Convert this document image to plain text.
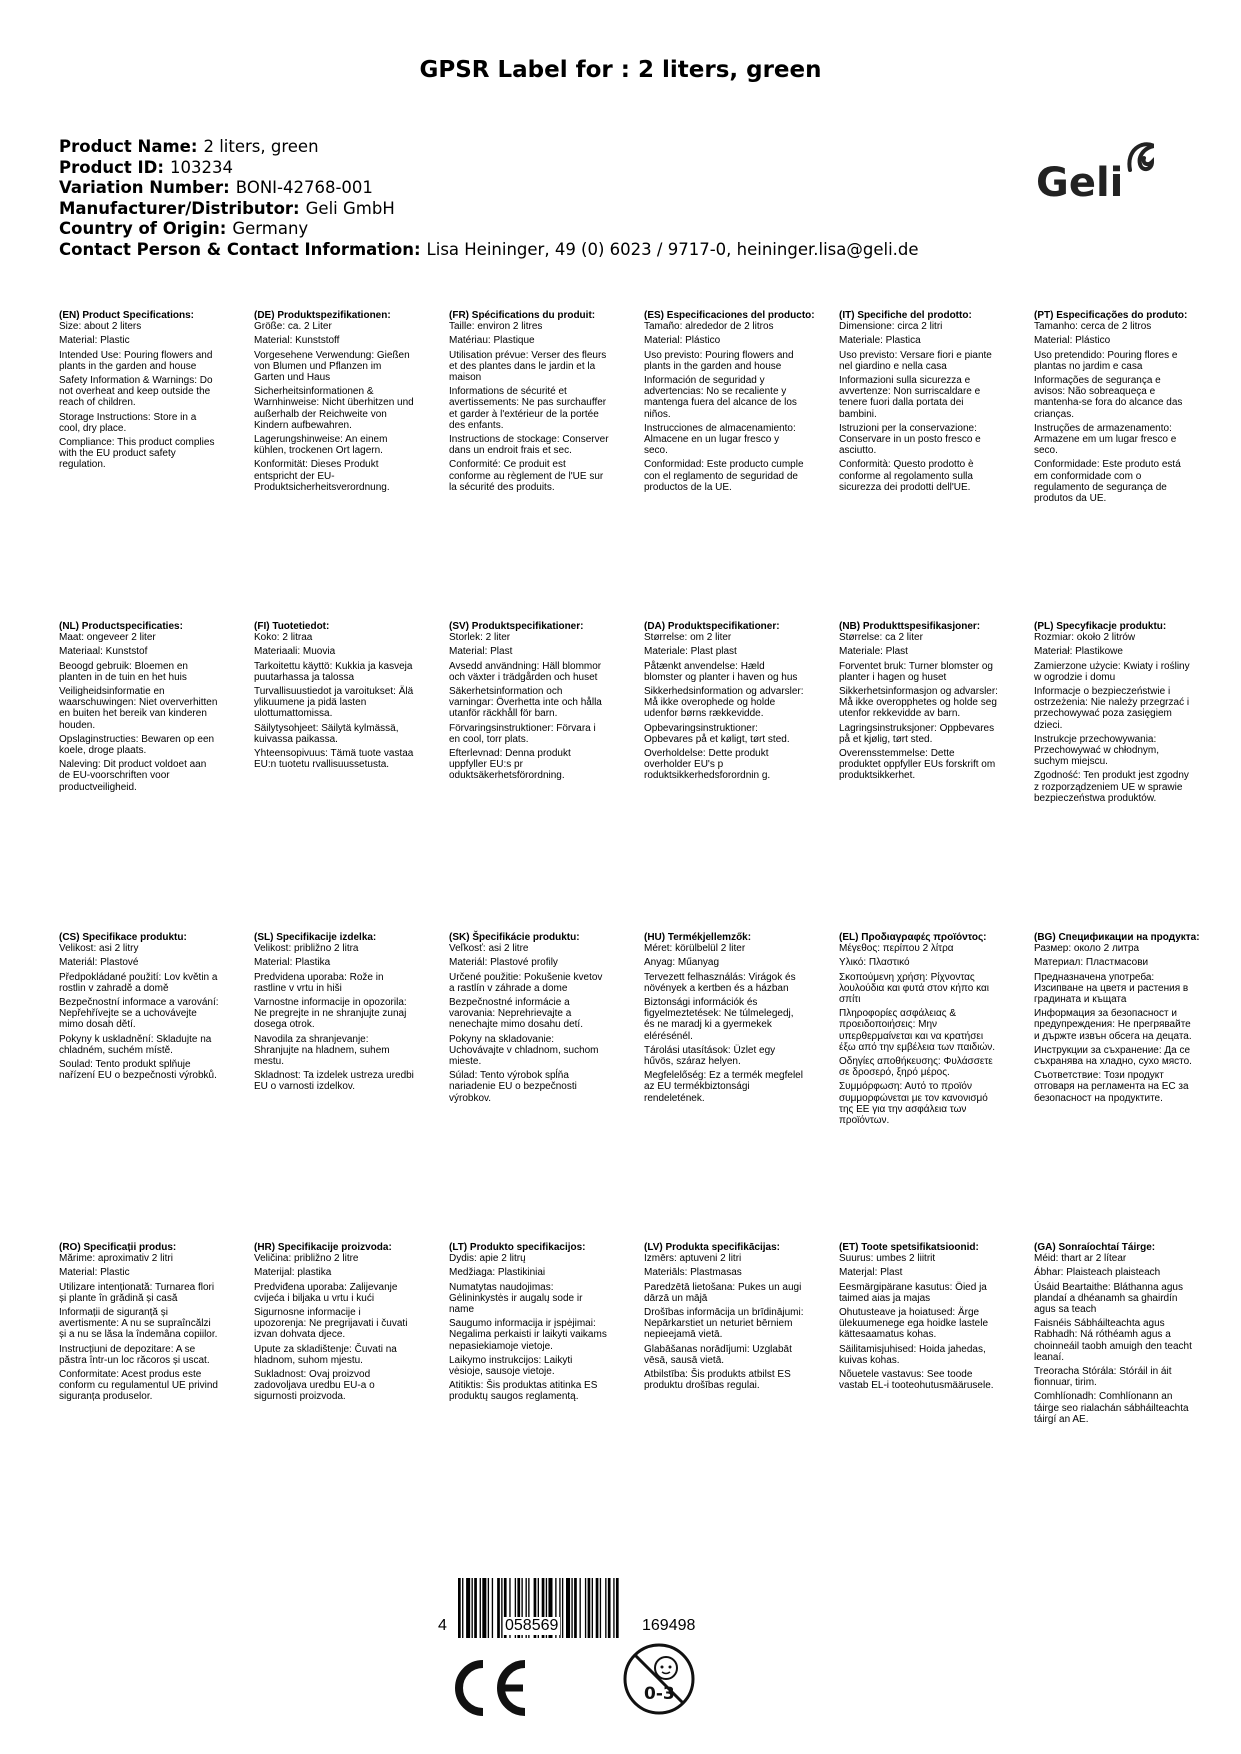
GPSR Label for : 2 liters, green
Product Name: 2 liters, green
Product ID: 103234
Variation Number: BONI-42768-001
Manufacturer/Distributor: Geli GmbH
Country of Origin: Germany
Contact Person & Contact Information: Lisa Heininger, 49 (0) 6023 / 9717-0, heininger.lisa@geli.de
Geli
(EN) Product Specifications:
Size: about 2 liters
Material: Plastic
Intended Use: Pouring flowers and plants in the garden and house
Safety Information & Warnings: Do not overheat and keep outside the reach of children.
Storage Instructions: Store in a cool, dry place.
Compliance: This product complies with the EU product safety regulation.
(DE) Produktspezifikationen:
Größe: ca. 2 Liter
Material: Kunststoff
Vorgesehene Verwendung: Gießen von Blumen und Pflanzen im Garten und Haus
Sicherheitsinformationen & Warnhinweise: Nicht überhitzen und außerhalb der Reichweite von Kindern aufbewahren.
Lagerungshinweise: An einem kühlen, trockenen Ort lagern.
Konformität: Dieses Produkt entspricht der EU-Produktsicherheitsverordnung.
(FR) Spécifications du produit:
Taille: environ 2 litres
Matériau: Plastique
Utilisation prévue: Verser des fleurs et des plantes dans le jardin et la maison
Informations de sécurité et avertissements: Ne pas surchauffer et garder à l'extérieur de la portée des enfants.
Instructions de stockage: Conserver dans un endroit frais et sec.
Conformité: Ce produit est conforme au règlement de l'UE sur la sécurité des produits.
(ES) Especificaciones del producto:
Tamaño: alrededor de 2 litros
Material: Plástico
Uso previsto: Pouring flowers and plants in the garden and house
Información de seguridad y advertencias: No se recaliente y mantenga fuera del alcance de los niños.
Instrucciones de almacenamiento: Almacene en un lugar fresco y seco.
Conformidad: Este producto cumple con el reglamento de seguridad de productos de la UE.
(IT) Specifiche del prodotto:
Dimensione: circa 2 litri
Materiale: Plastica
Uso previsto: Versare fiori e piante nel giardino e nella casa
Informazioni sulla sicurezza e avvertenze: Non surriscaldare e tenere fuori dalla portata dei bambini.
Istruzioni per la conservazione: Conservare in un posto fresco e asciutto.
Conformità: Questo prodotto è conforme al regolamento sulla sicurezza dei prodotti dell'UE.
(PT) Especificações do produto:
Tamanho: cerca de 2 litros
Material: Plástico
Uso pretendido: Pouring flores e plantas no jardim e casa
Informações de segurança e avisos: Não sobreaqueça e mantenha-se fora do alcance das crianças.
Instruções de armazenamento: Armazene em um lugar fresco e seco.
Conformidade: Este produto está em conformidade com o regulamento de segurança de produtos da UE.
(NL) Productspecificaties:
Maat: ongeveer 2 liter
Materiaal: Kunststof
Beoogd gebruik: Bloemen en planten in de tuin en het huis
Veiligheidsinformatie en waarschuwingen: Niet oververhitten en buiten het bereik van kinderen houden.
Opslaginstructies: Bewaren op een koele, droge plaats.
Naleving: Dit product voldoet aan de EU-voorschriften voor productveiligheid.
(FI) Tuotetiedot:
Koko: 2 litraa
Materiaali: Muovia
Tarkoitettu käyttö: Kukkia ja kasveja puutarhassa ja talossa
Turvallisuustiedot ja varoitukset: Älä ylikuumene ja pidä lasten ulottumattomissa.
Säilytysohjeet: Säilytä kylmässä, kuivassa paikassa.
Yhteensopivuus: Tämä tuote vastaa EU:n tuotetu rvallisuussetusta.
(SV) Produktspecifikationer:
Storlek: 2 liter
Material: Plast
Avsedd användning: Häll blommor och växter i trädgården och huset
Säkerhetsinformation och varningar: Överhetta inte och hålla utanför räckhåll för barn.
Förvaringsinstruktioner: Förvara i en cool, torr plats.
Efterlevnad: Denna produkt uppfyller EU:s pr oduktsäkerhetsförordning.
(DA) Produktspecifikationer:
Størrelse: om 2 liter
Materiale: Plast plast
Påtænkt anvendelse: Hæld blomster og planter i haven og hus
Sikkerhedsinformation og advarsler: Må ikke overophede og holde udenfor børns rækkevidde.
Opbevaringsinstruktioner: Opbevares på et køligt, tørt sted.
Overholdelse: Dette produkt overholder EU's p roduktsikkerhedsforordnin g.
(NB) Produkttspesifikasjoner:
Størrelse: ca 2 liter
Materiale: Plast
Forventet bruk: Turner blomster og planter i hagen og huset
Sikkerhetsinformasjon og advarsler: Må ikke overopphetes og holde seg utenfor rekkevidde av barn.
Lagringsinstruksjoner: Oppbevares på et kjølig, tørt sted.
Overensstemmelse: Dette produktet oppfyller EUs forskrift om produktsikkerhet.
(PL) Specyfikacje produktu:
Rozmiar: około 2 litrów
Materiał: Plastikowe
Zamierzone użycie: Kwiaty i rośliny w ogrodzie i domu
Informacje o bezpieczeństwie i ostrzeżenia: Nie należy przegrzać i przechowywać poza zasięgiem dzieci.
Instrukcje przechowywania: Przechowywać w chłodnym, suchym miejscu.
Zgodność: Ten produkt jest zgodny z rozporządzeniem UE w sprawie bezpieczeństwa produktów.
(CS) Specifikace produktu:
Velikost: asi 2 litry
Materiál: Plastové
Předpokládané použití: Lov květin a rostlin v zahradě a domě
Bezpečnostní informace a varování: Nepřehřívejte se a uchovávejte mimo dosah dětí.
Pokyny k uskladnění: Skladujte na chladném, suchém místě.
Soulad: Tento produkt splňuje nařízení EU o bezpečnosti výrobků.
(SL) Specifikacije izdelka:
Velikost: približno 2 litra
Material: Plastika
Predvidena uporaba: Rože in rastline v vrtu in hiši
Varnostne informacije in opozorila: Ne pregrejte in ne shranjujte zunaj dosega otrok.
Navodila za shranjevanje: Shranjujte na hladnem, suhem mestu.
Skladnost: Ta izdelek ustreza uredbi EU o varnosti izdelkov.
(SK) Špecifikácie produktu:
Veľkosť: asi 2 litre
Materiál: Plastové profily
Určené použitie: Pokušenie kvetov a rastlín v záhrade a dome
Bezpečnostné informácie a varovania: Neprehrievajte a nenechajte mimo dosahu detí.
Pokyny na skladovanie: Uchovávajte v chladnom, suchom mieste.
Súlad: Tento výrobok spĺňa nariadenie EU o bezpečnosti výrobkov.
(HU) Termékjellemzők:
Méret: körülbelül 2 liter
Anyag: Műanyag
Tervezett felhasználás: Virágok és növények a kertben és a házban
Biztonsági információk és figyelmeztetések: Ne túlmelegedj, és ne maradj ki a gyermekek elérésénél.
Tárolási utasítások: Üzlet egy hűvös, száraz helyen.
Megfelelőség: Ez a termék megfelel az EU termékbiztonsági rendeletének.
(EL) Προδιαγραφές προϊόντος:
Μέγεθος: περίπου 2 λίτρα
Υλικό: Πλαστικό
Σκοπούμενη χρήση: Ρίχνοντας λουλούδια και φυτά στον κήπο και σπίτι
Πληροφορίες ασφάλειας & προειδοποιήσεις: Μην υπερθερμαίνεται και να κρατήσει έξω από την εμβέλεια των παιδιών.
Οδηγίες αποθήκευσης: Φυλάσσετε σε δροσερό, ξηρό μέρος.
Συμμόρφωση: Αυτό το προϊόν συμμορφώνεται με τον κανονισμό της ΕΕ για την ασφάλεια των προϊόντων.
(BG) Спецификации на продукта:
Размер: около 2 литра
Материал: Пластмасови
Предназначена употреба: Изсипване на цветя и растения в градината и къщата
Информация за безопасност и предупреждения: Не прегрявайте и държте извън обсега на децата.
Инструкции за съхранение: Да се съхранява на хладно, сухо място.
Съответствие: Този продукт отговаря на регламента на ЕС за безопасност на продуктите.
(RO) Specificații produs:
Mărime: aproximativ 2 litri
Material: Plastic
Utilizare intenționată: Turnarea flori și plante în grădină și casă
Informații de siguranță și avertismente: A nu se supraîncălzi și a nu se lăsa la îndemâna copiilor.
Instrucțiuni de depozitare: A se păstra într-un loc răcoros și uscat.
Conformitate: Acest produs este conform cu regulamentul UE privind siguranța produselor.
(HR) Specifikacije proizvoda:
Veličina: približno 2 litre
Materijal: plastika
Predviđena uporaba: Zalijevanje cvijeća i biljaka u vrtu i kući
Sigurnosne informacije i upozorenja: Ne pregrijavati i čuvati izvan dohvata djece.
Upute za skladištenje: Čuvati na hladnom, suhom mjestu.
Sukladnost: Ovaj proizvod zadovoljava uredbu EU-a o sigurnosti proizvoda.
(LT) Produkto specifikacijos:
Dydis: apie 2 litrų
Medžiaga: Plastikiniai
Numatytas naudojimas: Gėlininkystės ir augalų sode ir name
Saugumo informacija ir įspėjimai: Negalima perkaisti ir laikyti vaikams nepasiekiamoje vietoje.
Laikymo instrukcijos: Laikyti vėsioje, sausoje vietoje.
Atitiktis: Šis produktas atitinka ES produktų saugos reglamentą.
(LV) Produkta specifikācijas:
Izmērs: aptuveni 2 litri
Materiāls: Plastmasas
Paredzētā lietošana: Pukes un augi dārzā un mājā
Drošības informācija un brīdinājumi: Nepārkarstiet un neturiet bērniem nepieejamā vietā.
Glabāšanas norādījumi: Uzglabāt vēsā, sausā vietā.
Atbilstība: Šis produkts atbilst ES produktu drošības regulai.
(ET) Toote spetsifikatsioonid:
Suurus: umbes 2 liitrit
Materjal: Plast
Eesmärgipärane kasutus: Öied ja taimed aias ja majas
Ohutusteave ja hoiatused: Ärge ülekuumenege ega hoidke lastele kättesaamatus kohas.
Säilitamisjuhised: Hoida jahedas, kuivas kohas.
Nõuetele vastavus: See toode vastab EL-i tooteohutusmäärusele.
(GA) Sonraíochtaí Táirge:
Méid: thart ar 2 lítear
Ábhar: Plaisteach plaisteach
Úsáid Beartaithe: Bláthanna agus plandaí a dhéanamh sa ghairdín agus sa teach
Faisnéis Sábháilteachta agus Rabhadh: Ná róthéamh agus a choinneáil taobh amuigh den teacht leanaí.
Treoracha Stórála: Stóráil in áit fionnuar, tirim.
Comhlíonadh: Comhlíonann an táirge seo rialachán sábháilteachta táirgí an AE.
4	058569	169498
0-3
